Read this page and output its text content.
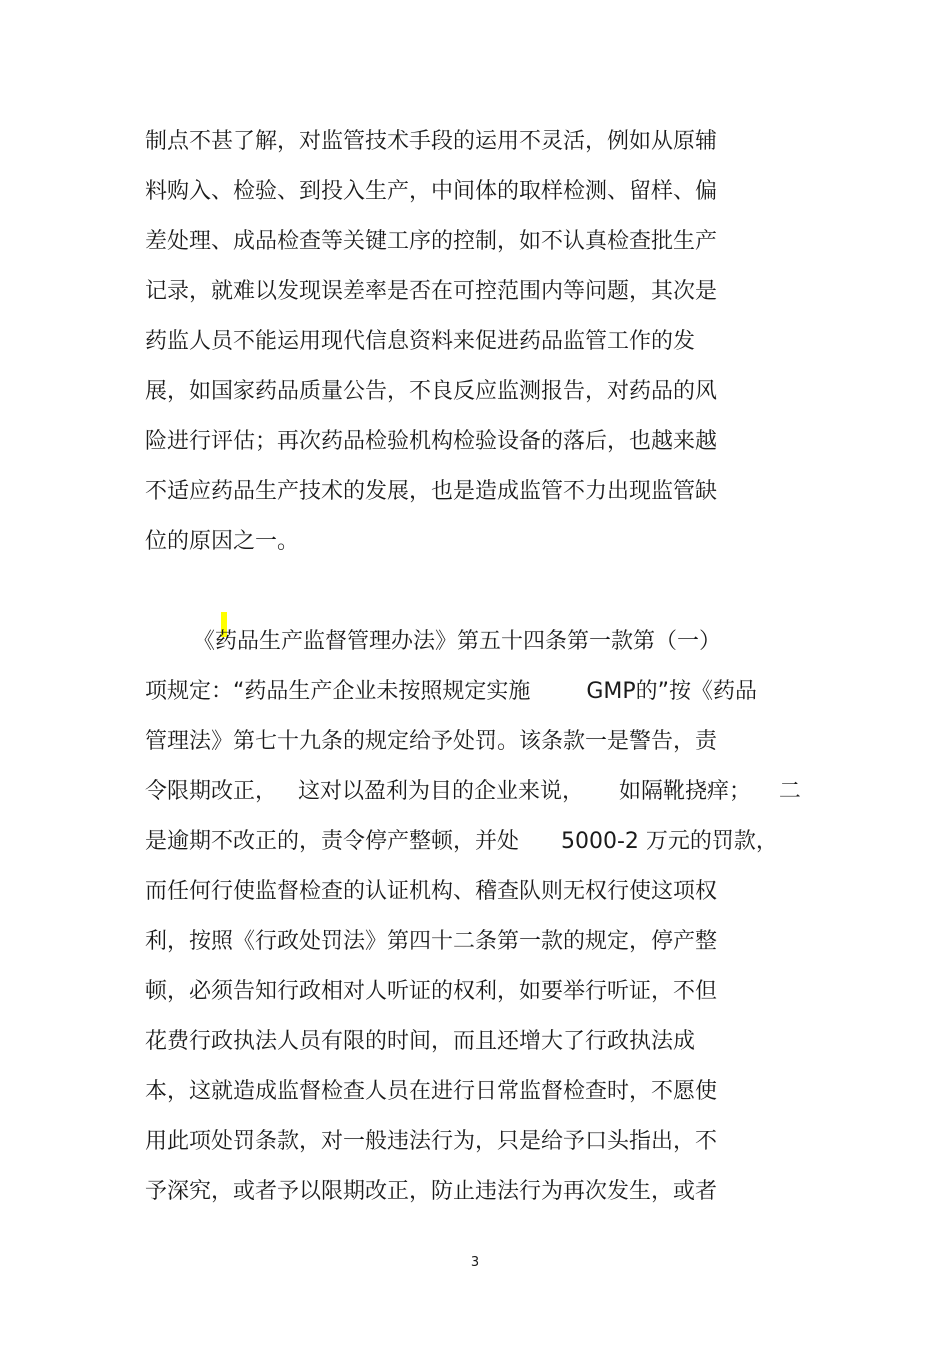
制点不甚了解，对监管技术手段的运用不灵活，例如从原辅
料购入、检验、到投入生产，中间体的取样检测、留样、偏
差处理、成品检查等关键工序的控制，如不认真检查批生产
记录，就难以发现误差率是否在可控范围内等问题，其次是
药监人员不能运用现代信息资料来促进药品监管工作的发
展，如国家药品质量公告，不良反应监测报告，对药品的风
险进行评估；再次药品检验机构检验设备的落后，也越来越
不适应药品生产技术的发展，也是造成监管不力出现监管缺
位的原因之一。

《药品生产监督管理办法》第五十四条第一款第（一）
项规定：“药品生产企业未按照规定实施        GMP的”按《药品
管理法》第七十九条的规定给予处罚。该条款一是警告，责
令限期改正，   这对以盈利为目的企业来说，     如隔靴挠痒；    二
是逾期不改正的，责令停产整顿，并处      5000-2 万元的罚款，
而任何行使监督检查的认证机构、稽查队则无权行使这项权
利，按照《行政处罚法》第四十二条第一款的规定，停产整
顿，必须告知行政相对人听证的权利，如要举行听证，不但
花费行政执法人员有限的时间，而且还增大了行政执法成
本，这就造成监督检查人员在进行日常监督检查时，不愿使
用此项处罚条款，对一般违法行为，只是给予口头指出，不
予深究，或者予以限期改正，防止违法行为再次发生，或者
3
